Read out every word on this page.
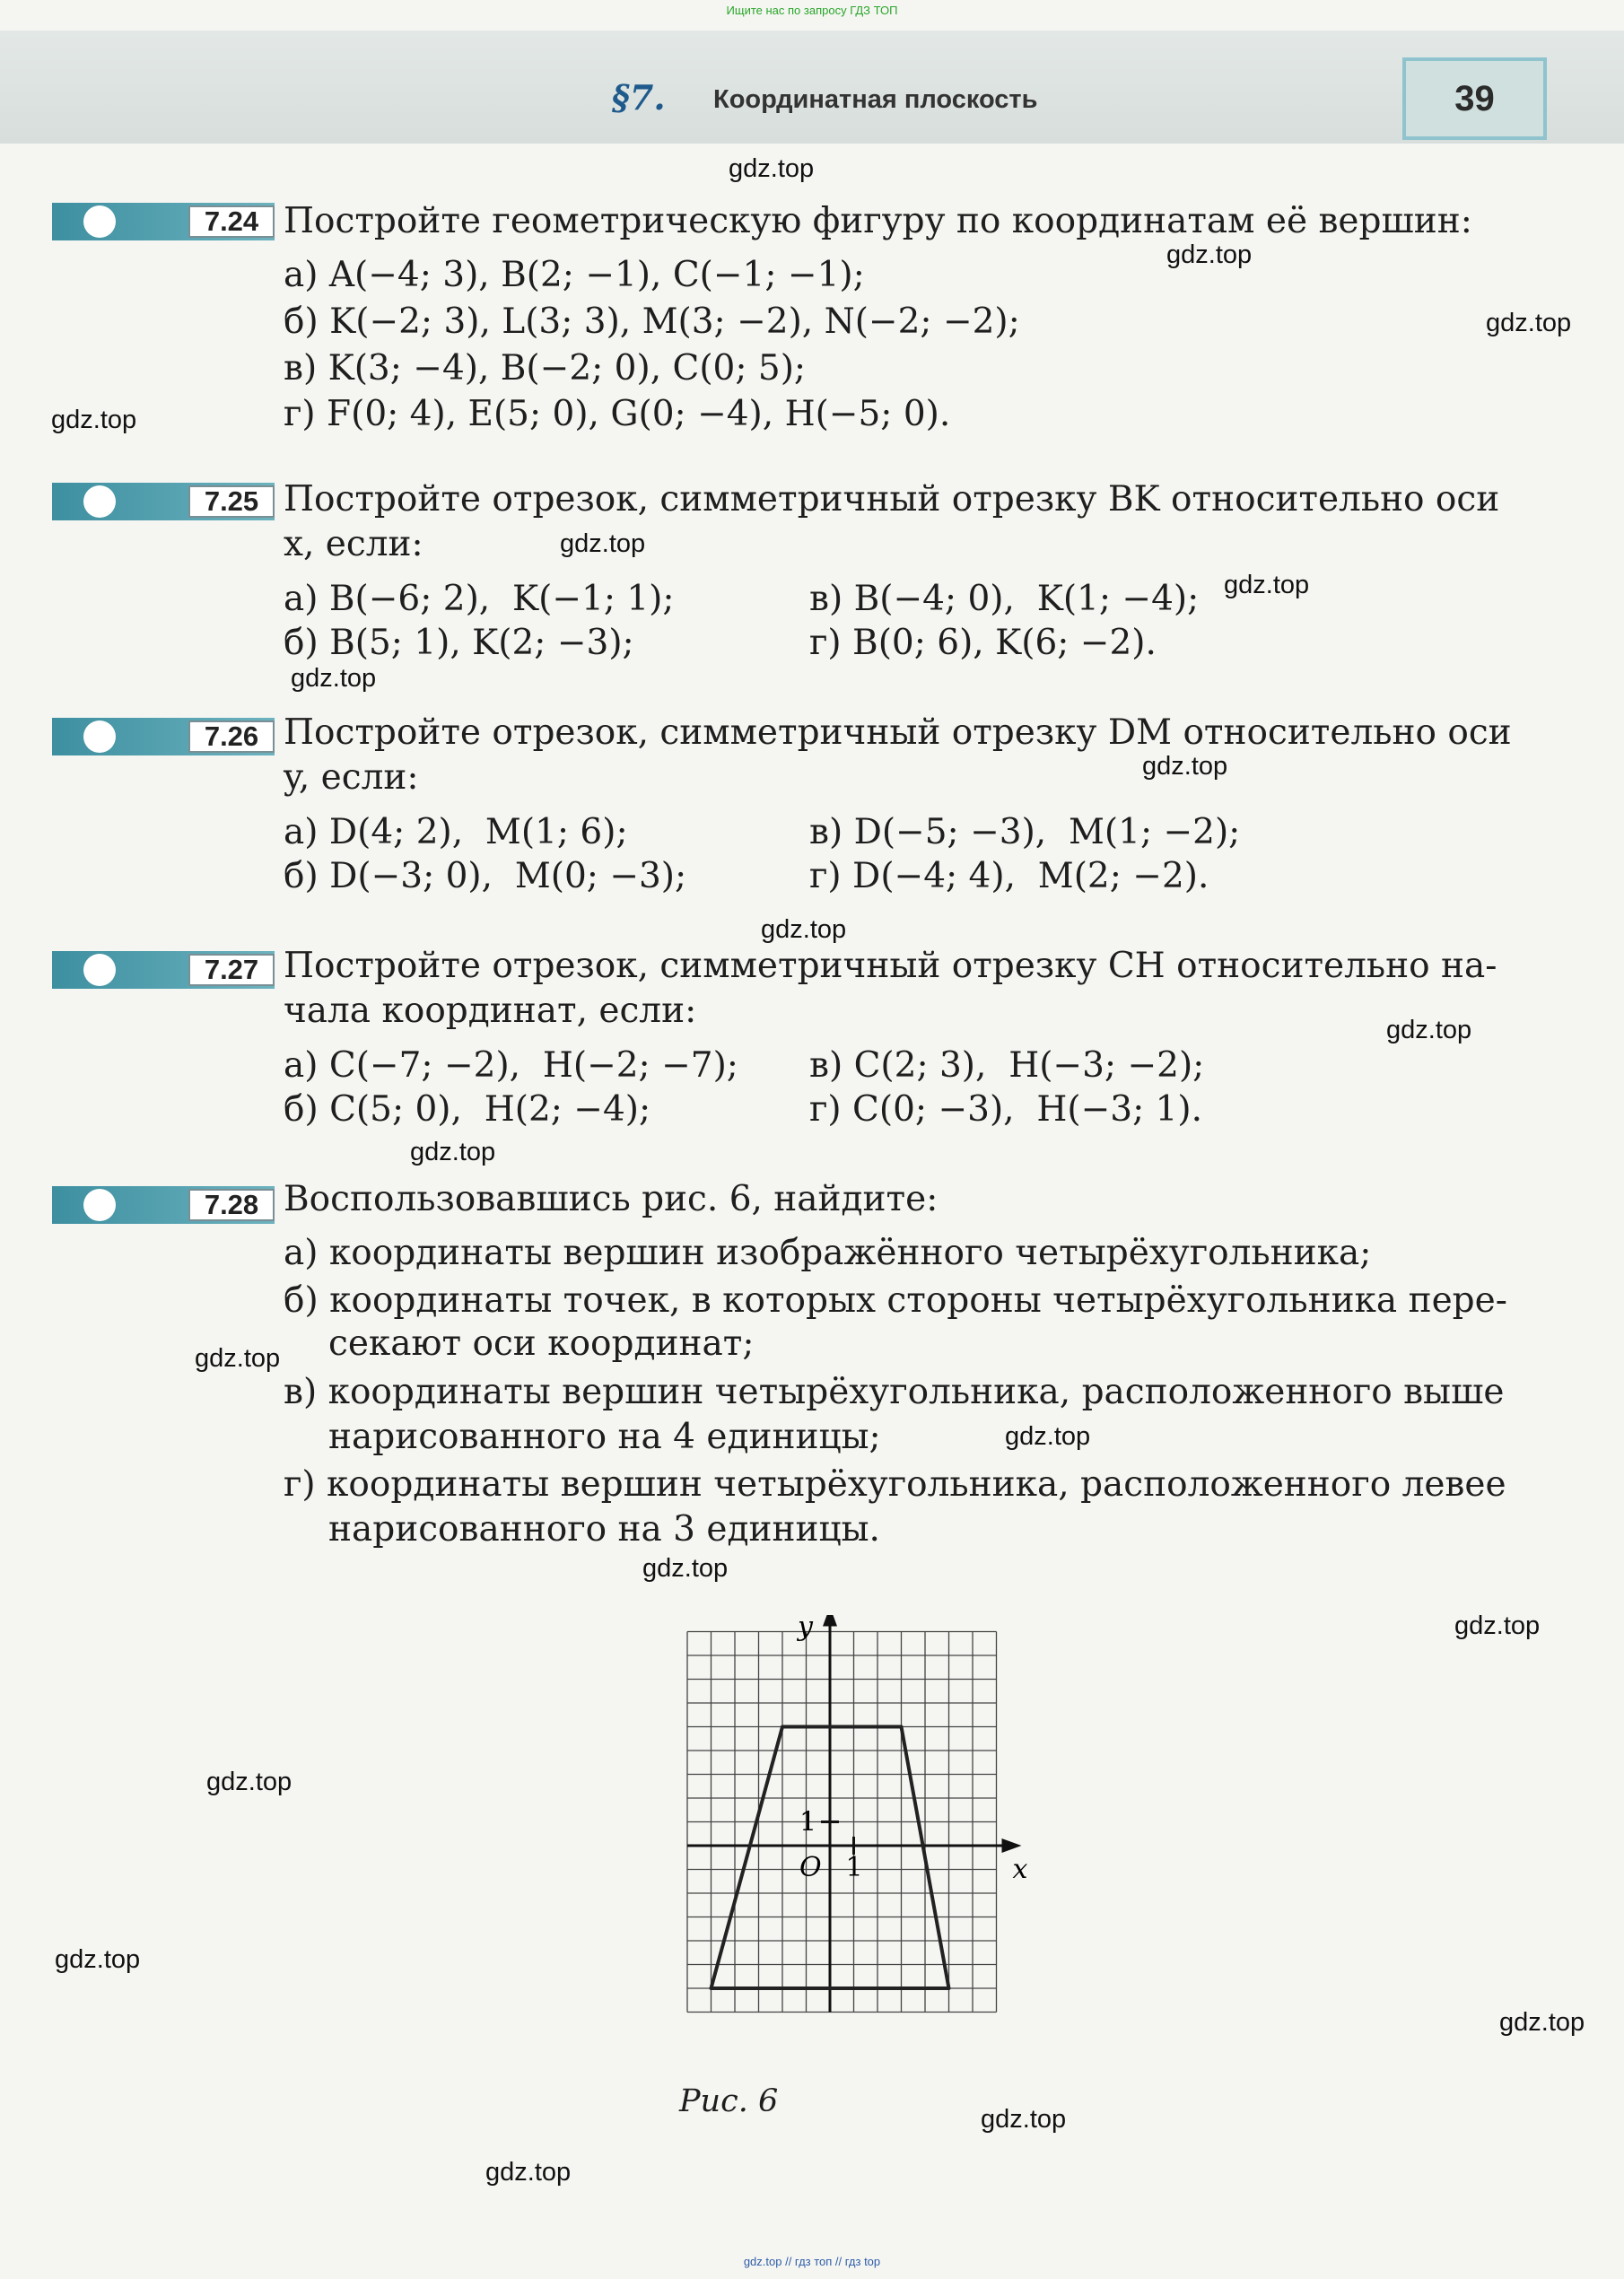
Ищите нас по запросу ГДЗ ТОП
§7. Координатная плоскость	39
7.24 Постройте геометрическую фигуру по координатам её вершин:
а) A(−4; 3), B(2; −1), C(−1; −1);
б) K(−2; 3), L(3; 3), M(3; −2), N(−2; −2);
в) K(3; −4), B(−2; 0), C(0; 5);
г) F(0; 4), E(5; 0), G(0; −4), H(−5; 0).
7.25 Постройте отрезок, симметричный отрезку BK относительно оси
x, если:
а) B(−6; 2),  K(−1; 1);	в) B(−4; 0),  K(1; −4);
б) B(5; 1), K(2; −3);	г) B(0; 6), K(6; −2).
7.26 Постройте отрезок, симметричный отрезку DM относительно оси
y, если:
а) D(4; 2),  M(1; 6);	в) D(−5; −3),  M(1; −2);
б) D(−3; 0),  M(0; −3);	г) D(−4; 4),  M(2; −2).
7.27 Постройте отрезок, симметричный отрезку CH относительно на-
чала координат, если:
а) C(−7; −2),  H(−2; −7); в) C(2; 3),  H(−3; −2);
б) C(5; 0),  H(2; −4);	г) C(0; −3),  H(−3; 1).
7.28 Воспользовавшись рис. 6, найдите:
а) координаты вершин изображённого четырёхугольника;
б) координаты точек, в которых стороны четырёхугольника пере-
секают оси координат;
в) координаты вершин четырёхугольника, расположенного выше
нарисованного на 4 единицы;
г) координаты вершин четырёхугольника, расположенного левее
нарисованного на 3 единицы.
y
x
O 1
1
Рис. 6
gdz.top
gdz.top
gdz.top
gdz.top
gdz.top
gdz.top
gdz.top
gdz.top
gdz.top
gdz.top
gdz.top
gdz.top
gdz.top
gdz.top
gdz.top
gdz.top
gdz.top
gdz.top
gdz.top
gdz.top
gdz.top // гдз топ // гдз top
